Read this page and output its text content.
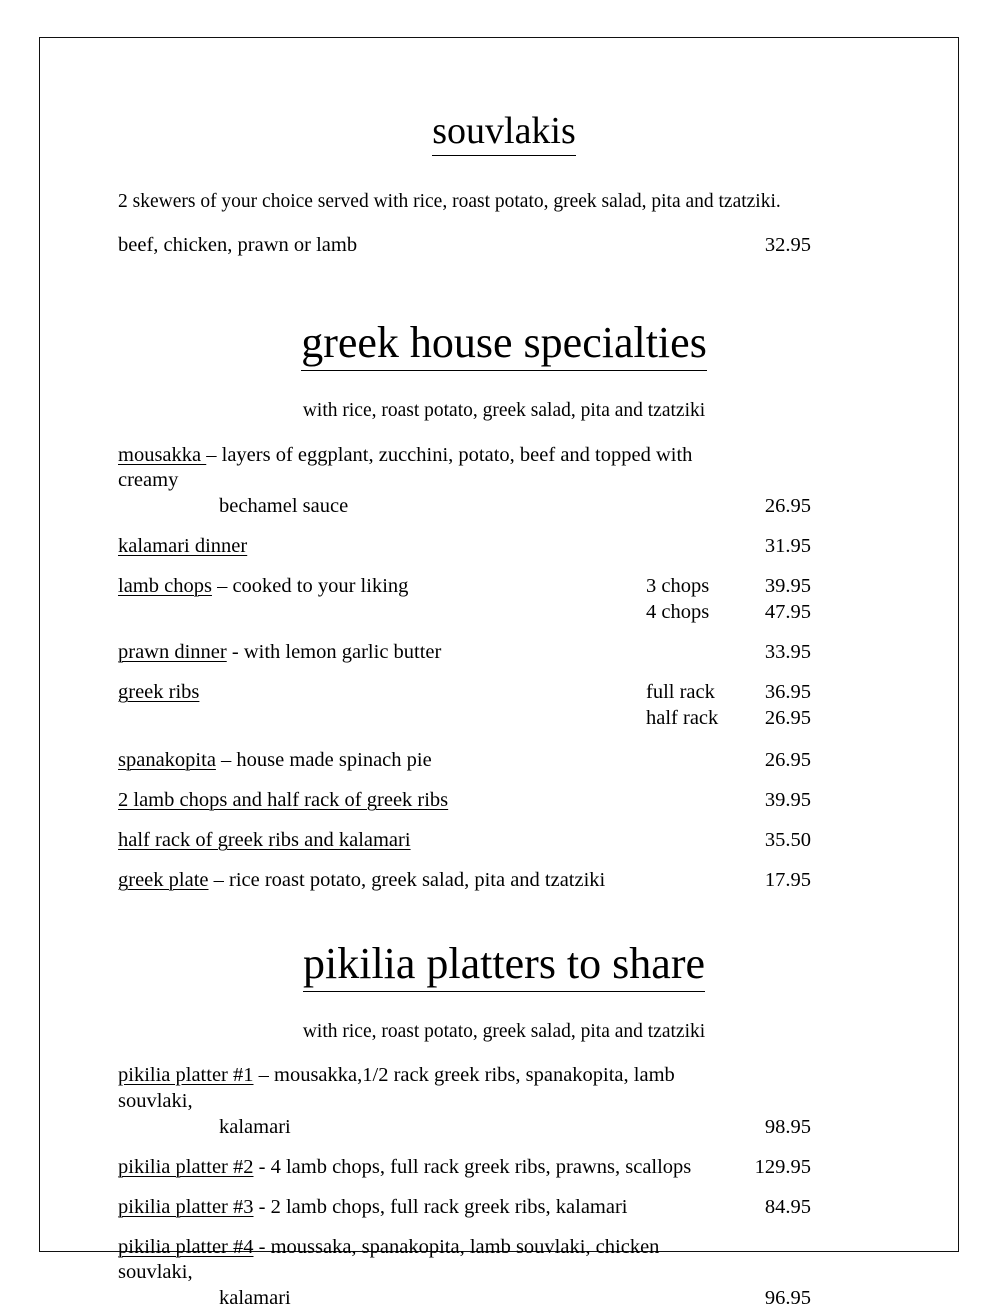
souvlakis

2 skewers of your choice served with rice, roast potato, greek salad, pita and tzatziki.

beef, chicken, prawn or lamb	32.95
greek house specialties

with rice, roast potato, greek salad, pita and tzatziki

mousakka – layers of eggplant, zucchini, potato, beef and topped with creamy
bechamel sauce	26.95
kalamari dinner	31.95
lamb chops – cooked to your liking	3 chops	39.95

4 chops	47.95
prawn dinner - with lemon garlic butter	33.95
greek ribs	full rack	36.95

half rack	26.95
spanakopita – house made spinach pie	26.95
2 lamb chops and half rack of greek ribs	39.95
half rack of greek ribs and kalamari	35.50
greek plate – rice roast potato, greek salad, pita and tzatziki	17.95
pikilia platters to share

with rice, roast potato, greek salad, pita and tzatziki

pikilia platter #1 – mousakka,1/2 rack greek ribs, spanakopita, lamb souvlaki,
kalamari	98.95
pikilia platter #2 - 4 lamb chops, full rack greek ribs, prawns, scallops	129.95
pikilia platter #3 - 2 lamb chops, full rack greek ribs, kalamari	84.95
pikilia platter #4 - moussaka, spanakopita, lamb souvlaki, chicken souvlaki,
kalamari	96.95
